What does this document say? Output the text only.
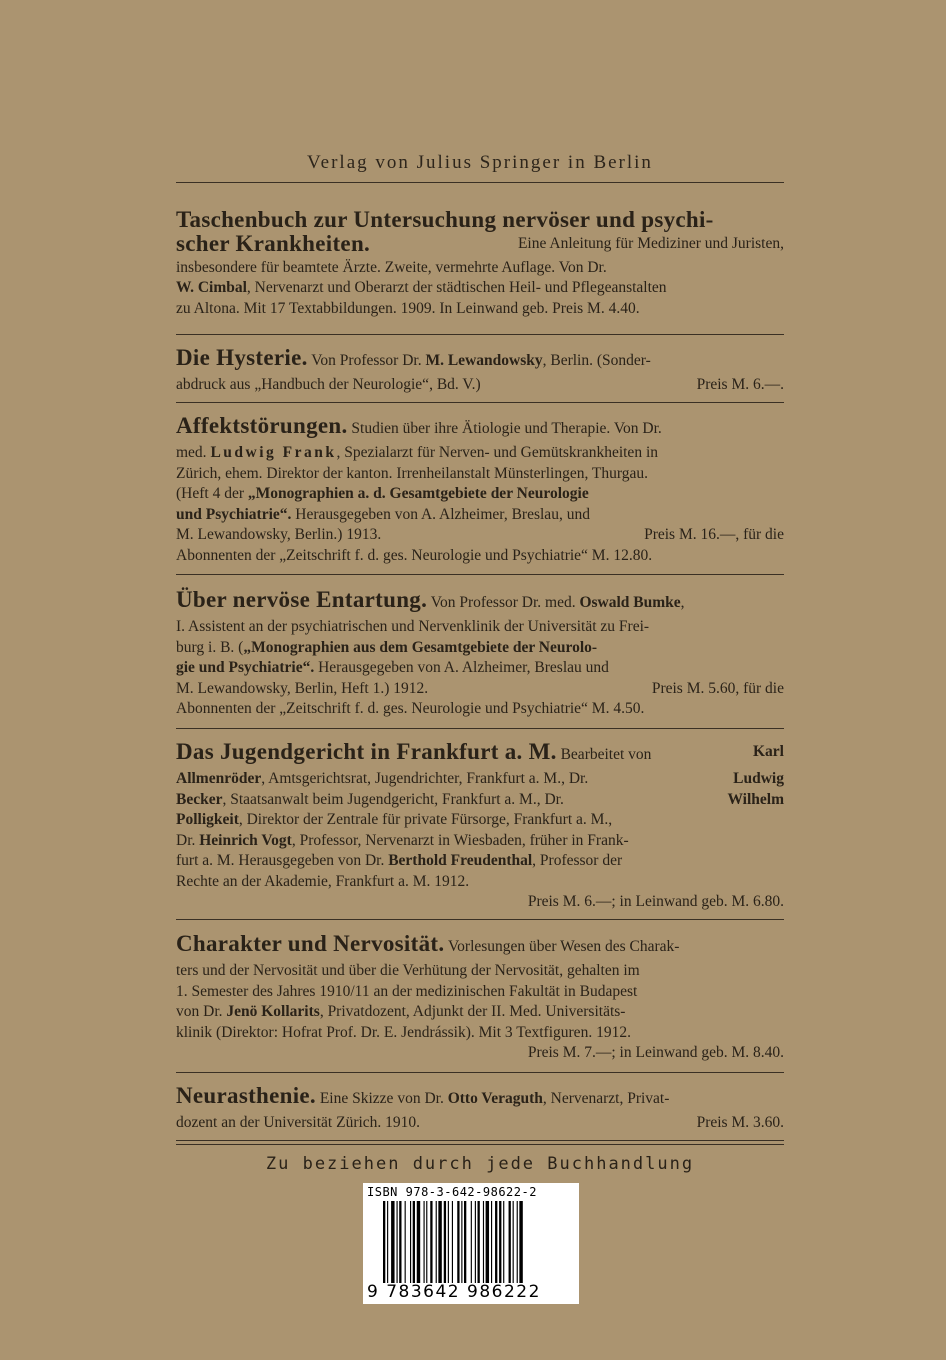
Verlag von Julius Springer in Berlin
Taschenbuch zur Untersuchung nervöser und psychi-
scher Krankheiten.	Eine Anleitung für Mediziner und Juristen,
insbesondere für beamtete Ärzte. Zweite, vermehrte Auflage. Von Dr.
W. Cimbal, Nervenarzt und Oberarzt der städtischen Heil- und Pflegeanstalten
zu Altona. Mit 17 Textabbildungen. 1909. In Leinwand geb. Preis M. 4.40.
Die Hysterie. Von Professor Dr. M. Lewandowsky, Berlin. (Sonder-
abdruck aus „Handbuch der Neurologie“, Bd. V.)	Preis M. 6.—.
Affektstörungen. Studien über ihre Ätiologie und Therapie. Von Dr.
med. Ludwig Frank, Spezialarzt für Nerven- und Gemütskrankheiten in
Zürich, ehem. Direktor der kanton. Irrenheilanstalt Münsterlingen, Thurgau.
(Heft 4 der „Monographien a. d. Gesamtgebiete der Neurologie
und Psychiatrie“. Herausgegeben von A. Alzheimer, Breslau, und
M. Lewandowsky, Berlin.) 1913.	Preis M. 16.—, für die
Abonnenten der „Zeitschrift f. d. ges. Neurologie und Psychiatrie“ M. 12.80.
Über nervöse Entartung. Von Professor Dr. med. Oswald Bumke,
I. Assistent an der psychiatrischen und Nervenklinik der Universität zu Frei-
burg i. B. („Monographien aus dem Gesamtgebiete der Neurolo-
gie und Psychiatrie“. Herausgegeben von A. Alzheimer, Breslau und
M. Lewandowsky, Berlin, Heft 1.) 1912.	Preis M. 5.60, für die
Abonnenten der „Zeitschrift f. d. ges. Neurologie und Psychiatrie“ M. 4.50.
Das Jugendgericht in Frankfurt a. M. Bearbeitet von	Karl
Allmenröder, Amtsgerichtsrat, Jugendrichter, Frankfurt a. M., Dr.	Ludwig
Becker, Staatsanwalt beim Jugendgericht, Frankfurt a. M., Dr.	Wilhelm
Polligkeit, Direktor der Zentrale für private Fürsorge, Frankfurt a. M.,
Dr. Heinrich Vogt, Professor, Nervenarzt in Wiesbaden, früher in Frank-
furt a. M. Herausgegeben von Dr. Berthold Freudenthal, Professor der
Rechte an der Akademie, Frankfurt a. M. 1912.
Preis M. 6.—; in Leinwand geb. M. 6.80.
Charakter und Nervosität. Vorlesungen über Wesen des Charak-
ters und der Nervosität und über die Verhütung der Nervosität, gehalten im
1. Semester des Jahres 1910/11 an der medizinischen Fakultät in Budapest
von Dr. Jenö Kollarits, Privatdozent, Adjunkt der II. Med. Universitäts-
klinik (Direktor: Hofrat Prof. Dr. E. Jendrássik). Mit 3 Textfiguren. 1912.
Preis M. 7.—; in Leinwand geb. M. 8.40.
Neurasthenie. Eine Skizze von Dr. Otto Veraguth, Nervenarzt, Privat-
dozent an der Universität Zürich. 1910.	Preis M. 3.60.
Zu beziehen durch jede Buchhandlung
ISBN 978-3-642-98622-2
9 783642 986222
